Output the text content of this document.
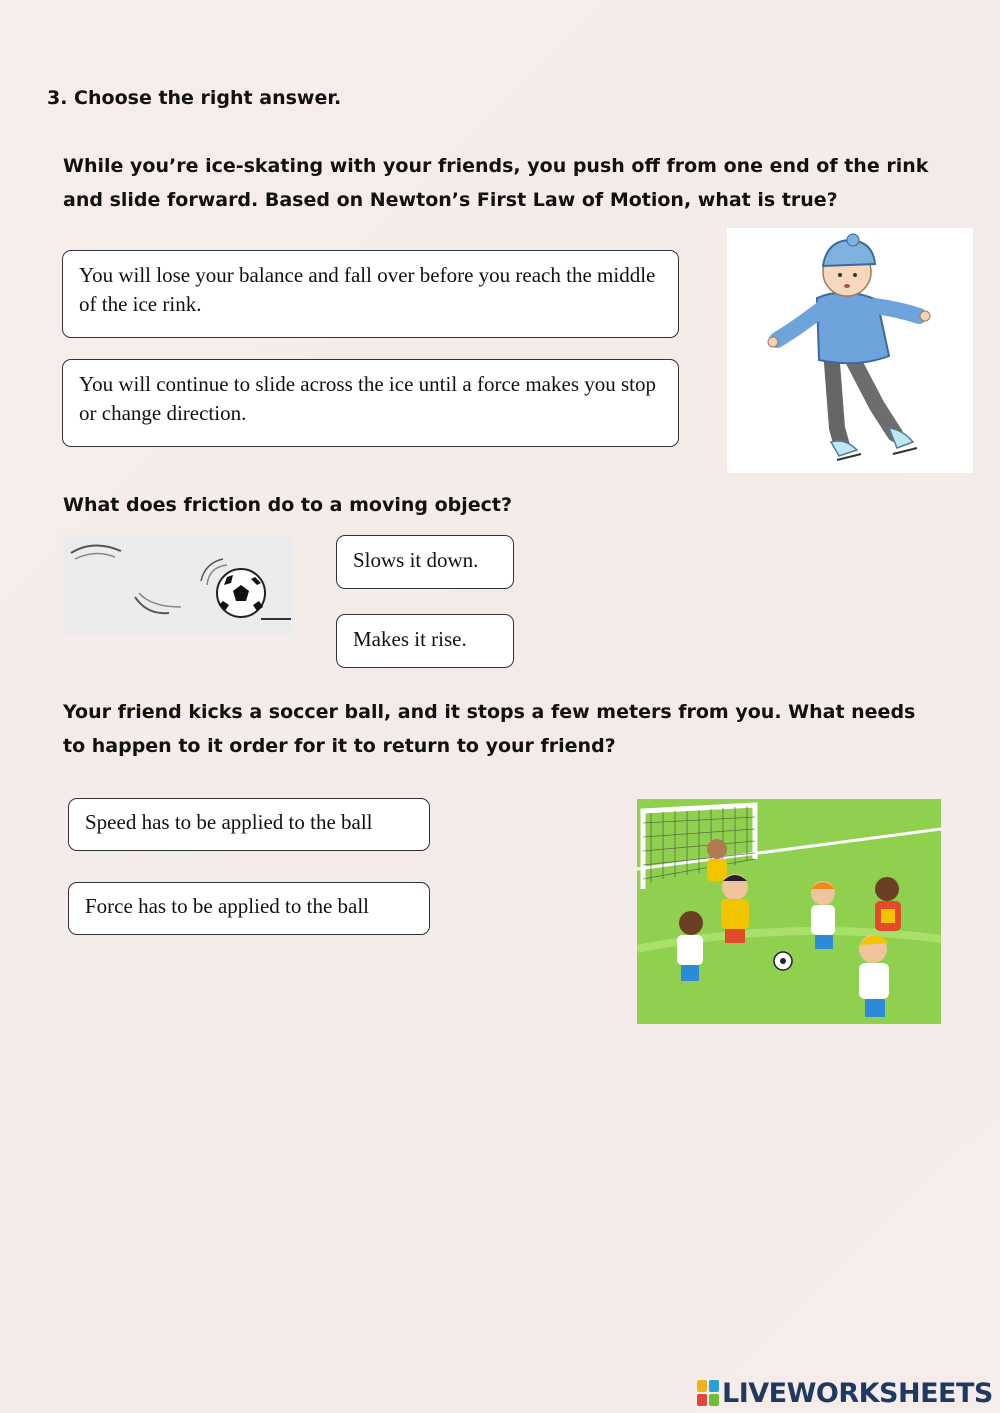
3. Choose the right answer.
While you’re ice-skating with your friends, you push off from one end of the rink and slide forward. Based on Newton’s First Law of Motion, what is true?
You will lose your balance and fall over before you reach the middle of the ice rink.
You will continue to slide across the ice until a force makes you stop or change direction.
What does friction do to a moving object?
Slows it down.
Makes it rise.
Your friend kicks a soccer ball, and it stops a few meters from you. What needs to happen to it order for it to return to your friend?
Speed has to be applied to the ball
Force has to be applied to the ball
LIVEWORKSHEETS
